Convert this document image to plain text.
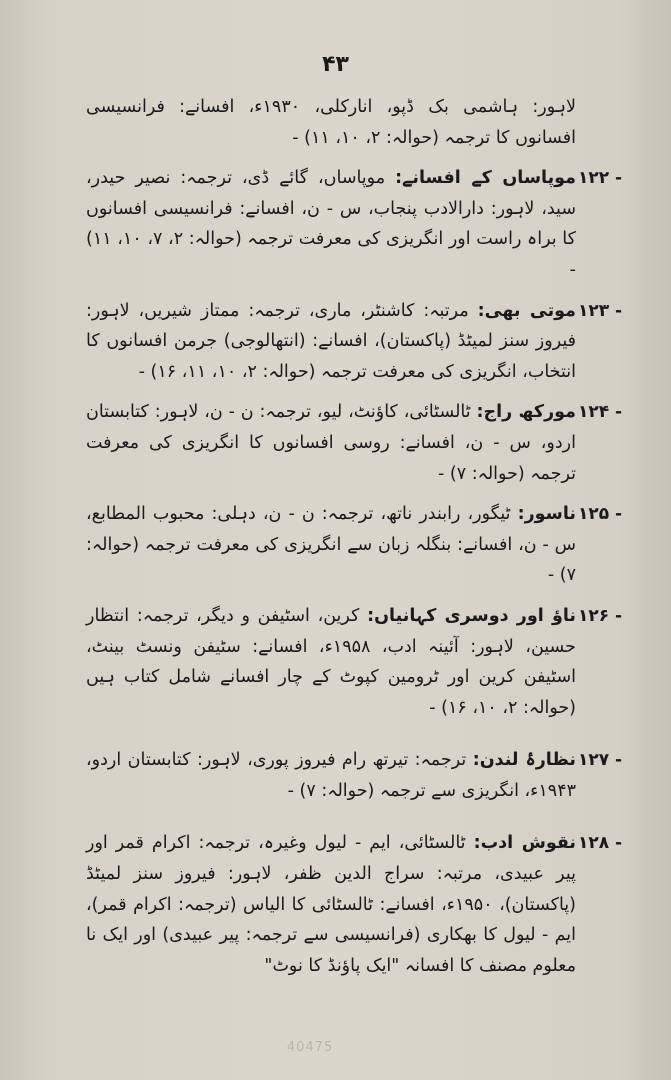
۴۳

لاہور: ہاشمی بک ڈپو، انارکلی، ۱۹۳۰ء، افسانے: فرانسیسی افسانوں کا ترجمہ (حوالہ: ۲، ۱۰، ۱۱) -

۱۲۲ -
موپاساں کے افسانے: موپاساں، گائے ڈی، ترجمہ: نصیر حیدر، سید، لاہور: دارالادب پنجاب، س - ن، افسانے: فرانسیسی افسانوں کا براہ راست اور انگریزی کی معرفت ترجمہ (حوالہ: ۲، ۷، ۱۰، ۱۱) -
۱۲۳ -
موتی بھی: مرتبہ: کاشنٹر، ماری، ترجمہ: ممتاز شیریں، لاہور: فیروز سنز لمیٹڈ (پاکستان)، افسانے: (انتھالوجی) جرمن افسانوں کا انتخاب، انگریزی کی معرفت ترجمہ (حوالہ: ۲، ۱۰، ۱۱، ۱۶) -
۱۲۴ -
مورکھ راج: ٹالسٹائی، کاؤنٹ، لیو، ترجمہ: ن - ن، لاہور: کتابستان اردو، س - ن، افسانے: روسی افسانوں کا انگریزی کی معرفت ترجمہ (حوالہ: ۷) -
۱۲۵ -
ناسور: ٹیگور، رابندر ناتھ، ترجمہ: ن - ن، دہلی: محبوب المطابع، س - ن، افسانے: بنگلہ زبان سے انگریزی کی معرفت ترجمہ (حوالہ: ۷) -
۱۲۶ -
ناؤ اور دوسری کہانیاں: کرین، اسٹیفن و دیگر، ترجمہ: انتظار حسین، لاہور: آئینہ ادب، ۱۹۵۸ء، افسانے: سٹیفن ونسٹ بینٹ، اسٹیفن کرین اور ٹرومین کپوٹ کے چار افسانے شامل کتاب ہیں (حوالہ: ۲، ۱۰، ۱۶) -
۱۲۷ -
نظارۂ لندن: ترجمہ: تیرتھ رام فیروز پوری، لاہور: کتابستان اردو، ۱۹۴۳ء، انگریزی سے ترجمہ (حوالہ: ۷) -
۱۲۸ -
نقوش ادب: ٹالسٹائی، ایم - لیول وغیرہ، ترجمہ: اکرام قمر اور پیر عبیدی، مرتبہ: سراج الدین ظفر، لاہور: فیروز سنز لمیٹڈ (پاکستان)، ۱۹۵۰ء، افسانے: ٹالسٹائی کا الیاس (ترجمہ: اکرام قمر)، ایم - لیول کا بھکاری (فرانسیسی سے ترجمہ: پیر عبیدی) اور ایک نا معلوم مصنف کا افسانہ "ایک پاؤنڈ کا نوٹ"
40475
